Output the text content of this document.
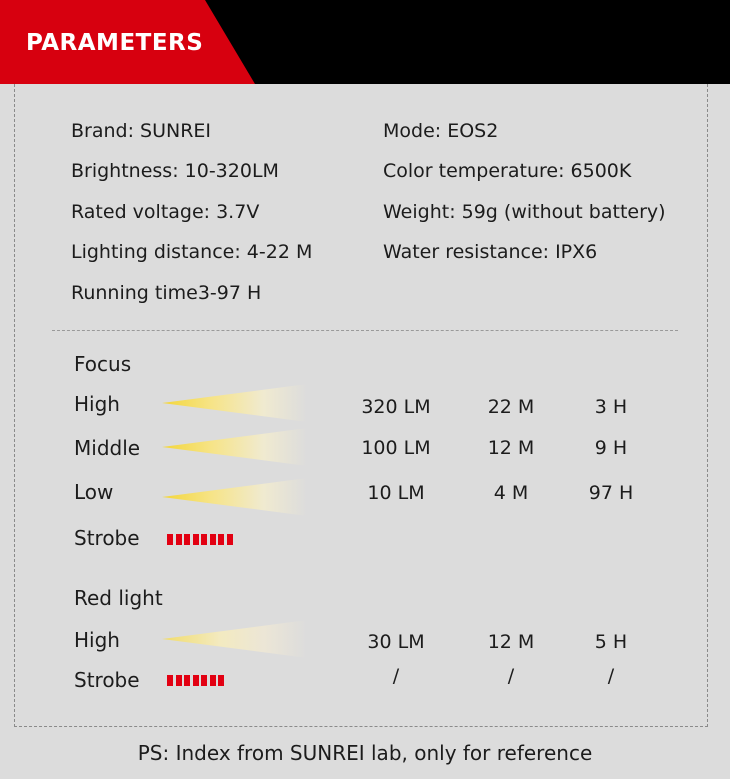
PARAMETERS
Brand: SUNREI	Mode: EOS2
Brightness: 10-320LM	Color temperature: 6500K
Rated voltage: 3.7V	Weight: 59g (without battery)
Lighting distance: 4-22 M	Water resistance: IPX6
Running time3-97 H
Focus
High	320 LM	22 M	3 H
Middle	100 LM	12 M	9 H
Low	10 LM	4 M	97 H
Strobe
Red light
High	30 LM	12 M	5 H
Strobe	/	/	/
PS: Index from SUNREI lab, only for reference
